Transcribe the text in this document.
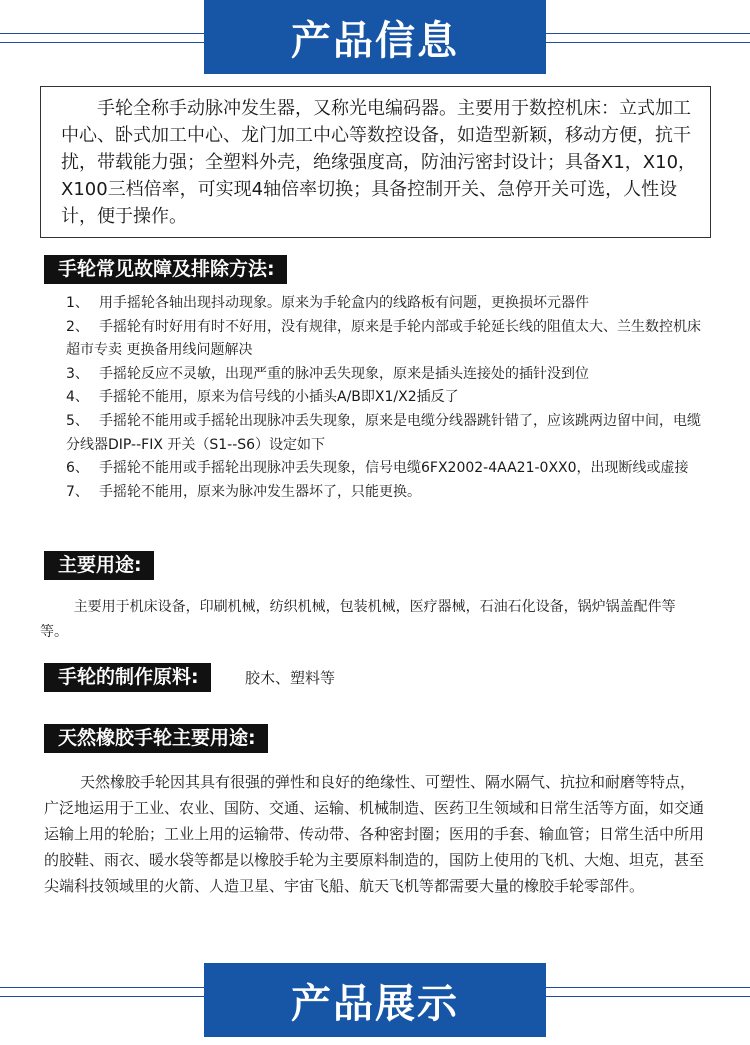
产品信息

手轮全称手动脉冲发生器，又称光电编码器。主要用于数控机床：立式加工中心、卧式加工中心、龙门加工中心等数控设备，如造型新颖，移动方便，抗干扰，带载能力强；全塑料外壳，绝缘强度高，防油污密封设计；具备X1，X10，X100三档倍率，可实现4轴倍率切换；具备控制开关、急停开关可选，人性设计，便于操作。

手轮常见故障及排除方法:
1、 用手摇轮各轴出现抖动现象。原来为手轮盒内的线路板有问题，更换损坏元器件
2、 手摇轮有时好用有时不好用，没有规律，原来是手轮内部或手轮延长线的阻值太大、兰生数控机床超市专卖 更换备用线问题解决
3、 手摇轮反应不灵敏，出现严重的脉冲丢失现象，原来是插头连接处的插针没到位
4、 手摇轮不能用，原来为信号线的小插头A/B即X1/X2插反了
5、 手摇轮不能用或手摇轮出现脉冲丢失现象，原来是电缆分线器跳针错了，应该跳两边留中间，电缆分线器DIP--FIX 开关（S1--S6）设定如下
6、 手摇轮不能用或手摇轮出现脉冲丢失现象，信号电缆6FX2002-4AA21-0XX0，出现断线或虚接
7、 手摇轮不能用，原来为脉冲发生器坏了，只能更换。
主要用途:

主要用于机床设备，印刷机械，纺织机械，包装机械，医疗器械，石油石化设备，锅炉锅盖配件等等。

手轮的制作原料:	胶木、塑料等

天然橡胶手轮主要用途:

天然橡胶手轮因其具有很强的弹性和良好的绝缘性、可塑性、隔水隔气、抗拉和耐磨等特点，广泛地运用于工业、农业、国防、交通、运输、机械制造、医药卫生领域和日常生活等方面，如交通运输上用的轮胎；工业上用的运输带、传动带、各种密封圈；医用的手套、输血管；日常生活中所用的胶鞋、雨衣、暖水袋等都是以橡胶手轮为主要原料制造的，国防上使用的飞机、大炮、坦克，甚至尖端科技领域里的火箭、人造卫星、宇宙飞船、航天飞机等都需要大量的橡胶手轮零部件。

产品展示
